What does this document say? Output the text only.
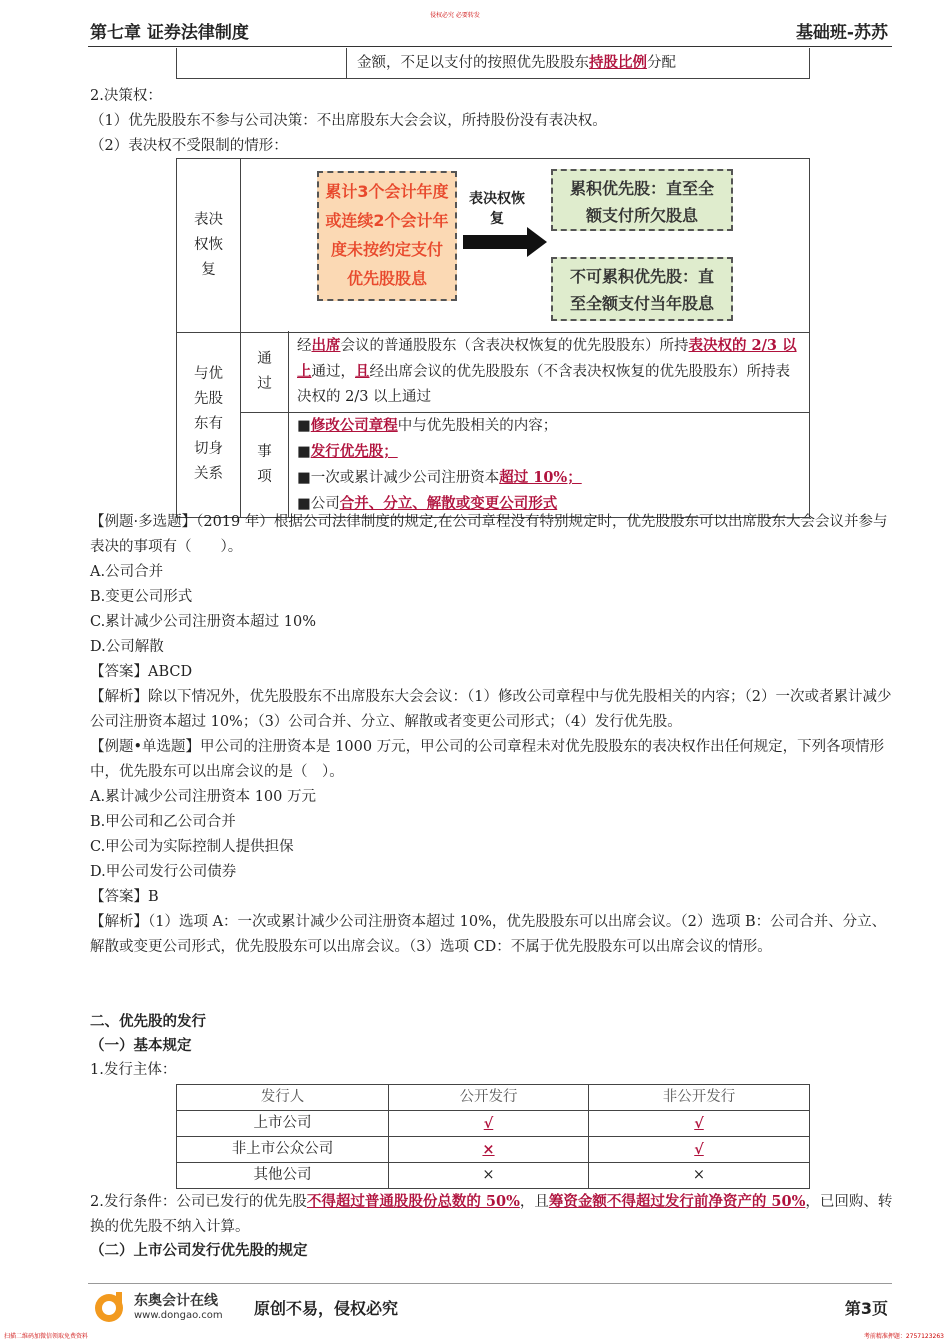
第七章 证券法律制度
侵权必究 必要转发
基础班-苏苏
	金额，不足以支付的按照优先股股东持股比例分配
2.决策权：
（1）优先股股东不参与公司决策：不出席股东大会会议，所持股份没有表决权。
（2）表决权不受限制的情形：
表决权恢复	
累计3个会计年度或连续2个会计年度未按约定支付优先股股息
表决权恢复
累积优先股：直至全额支付所欠股息
不可累积优先股：直至全额支付当年股息
与优先股东有切身关系	通过	经出席会议的普通股股东（含表决权恢复的优先股股东）所持表决权的 2/3 以上通过，且经出席会议的优先股股东（不含表决权恢复的优先股股东）所持表决权的 2/3 以上通过
	事项	■修改公司章程中与优先股相关的内容；
■发行优先股；
■一次或累计减少公司注册资本超过 10%；
■公司合并、分立、解散或变更公司形式
【例题·多选题】（2019 年）根据公司法律制度的规定,在公司章程没有特别规定时，优先股股东可以出席股东大会会议并参与表决的事项有（　　）。
A.公司合并
B.变更公司形式
C.累计减少公司注册资本超过 10%
D.公司解散
【答案】ABCD
【解析】除以下情况外，优先股股东不出席股东大会会议：（1）修改公司章程中与优先股相关的内容；（2）一次或者累计减少公司注册资本超过 10%；（3）公司合并、分立、解散或者变更公司形式；（4）发行优先股。
【例题•单选题】甲公司的注册资本是 1000 万元，甲公司的公司章程未对优先股股东的表决权作出任何规定，下列各项情形中，优先股东可以出席会议的是（　）。
A.累计减少公司注册资本 100 万元
B.甲公司和乙公司合并
C.甲公司为实际控制人提供担保
D.甲公司发行公司债券
【答案】B
【解析】（1）选项 A：一次或累计减少公司注册资本超过 10%，优先股股东可以出席会议。（2）选项 B：公司合并、分立、解散或变更公司形式，优先股股东可以出席会议。（3）选项 CD：不属于优先股股东可以出席会议的情形。
二、优先股的发行
（一）基本规定
1.发行主体：
发行人	公开发行	非公开发行
上市公司	√	√
非上市公众公司	×	√
其他公司	×	×
2.发行条件：公司已发行的优先股不得超过普通股股份总数的 50%，且筹资金额不得超过发行前净资产的 50%，已回购、转换的优先股不纳入计算。
（二）上市公司发行优先股的规定
东奥会计在线
www.dongao.com 原创不易，侵权必究	第3页
扫描二维码加微信领取免费资料	考前精准押题：2757123263
